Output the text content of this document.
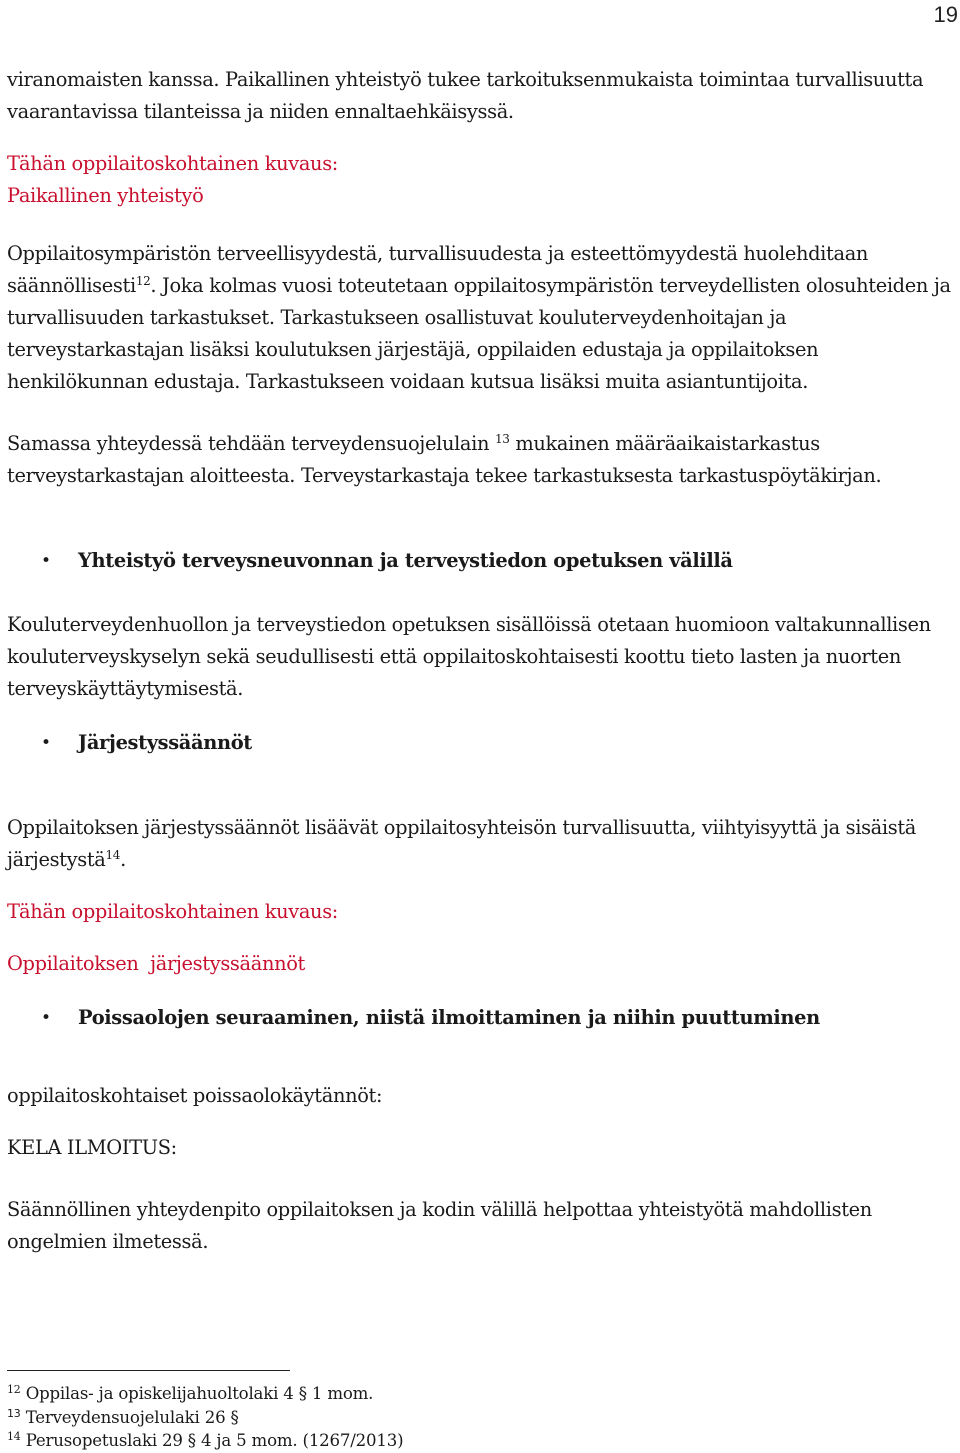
19

viranomaisten kanssa. Paikallinen yhteistyö tukee tarkoituksenmukaista toimintaa turvallisuutta vaarantavissa tilanteissa ja niiden ennaltaehkäisyssä.

Tähän oppilaitoskohtainen kuvaus:

Paikallinen yhteistyö

Oppilaitosympäristön terveellisyydestä, turvallisuudesta ja esteettömyydestä huolehditaan säännöllisesti$^{12}$. Joka kolmas vuosi toteutetaan oppilaitosympäristön terveydellisten olosuhteiden ja turvallisuuden tarkastukset. Tarkastukseen osallistuvat kouluterveydenhoitajan ja terveystarkastajan lisäksi koulutuksen järjestäjä, oppilaiden edustaja ja oppilaitoksen henkilökunnan edustaja. Tarkastukseen voidaan kutsua lisäksi muita asiantuntijoita.

Samassa yhteydessä tehdään terveydensuojelulain $^{13}$ mukainen määräaikaistarkastus terveystarkastajan aloitteesta. Terveystarkastaja tekee tarkastuksesta tarkastuspöytäkirjan.

• Yhteistyö terveysneuvonnan ja terveystiedon opetuksen välillä

Kouluterveydenhuollon ja terveystiedon opetuksen sisällöissä otetaan huomioon valtakunnallisen kouluterveyskyselyn sekä seudullisesti että oppilaitoskohtaisesti koottu tieto lasten ja nuorten terveyskäyttäytymisestä.

• Järjestyssäännöt

Oppilaitoksen järjestyssäännöt lisäävät oppilaitosyhteisön turvallisuutta, viihtyisyyttä ja sisäistä järjestystä$^{14}$.

Tähän oppilaitoskohtainen kuvaus:

Oppilaitoksen  järjestyssäännöt

• Poissaolojen seuraaminen, niistä ilmoittaminen ja niihin puuttuminen

oppilaitoskohtaiset poissaolokäytännöt:

KELA ILMOITUS:

Säännöllinen yhteydenpito oppilaitoksen ja kodin välillä helpottaa yhteistyötä mahdollisten ongelmien ilmetessä.

$^{12}$ Oppilas- ja opiskelijahuoltolaki 4 § 1 mom.
$^{13}$ Terveydensuojelulaki 26 §
$^{14}$ Perusopetuslaki 29 § 4 ja 5 mom. (1267/2013)
